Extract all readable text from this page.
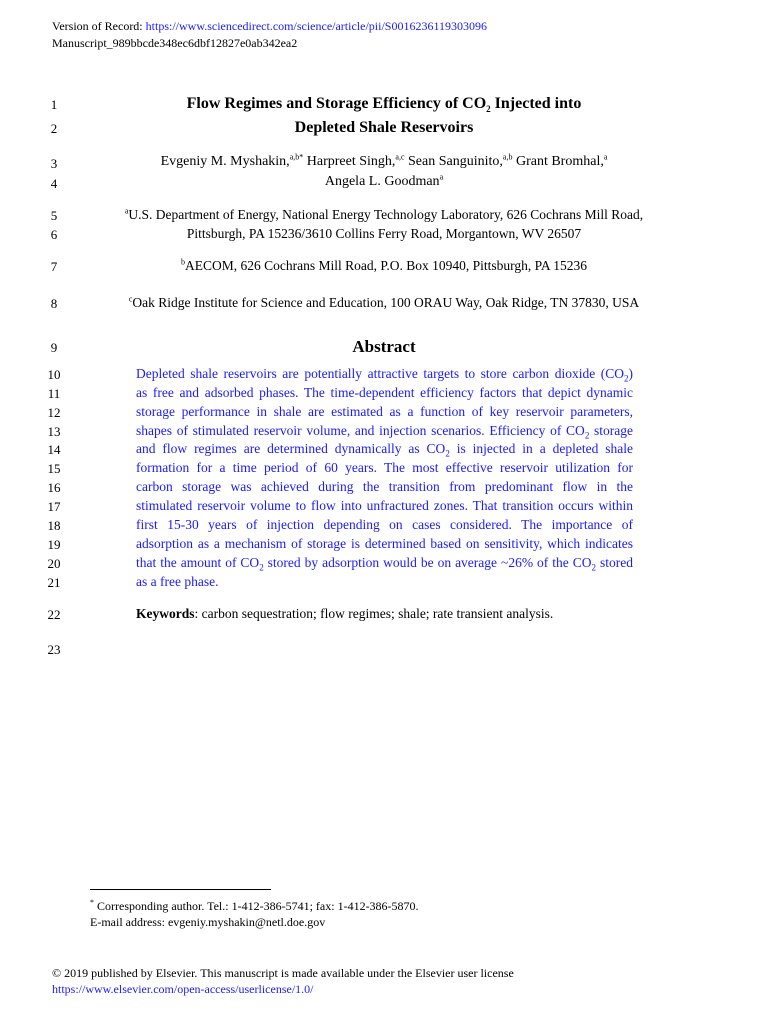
Version of Record: https://www.sciencedirect.com/science/article/pii/S0016236119303096
Manuscript_989bbcde348ec6dbf12827e0ab342ea2
1
2
3
4
5
6
7
8
9
10
11
12
13
14
15
16
17
18
19
20
21
22
23
Flow Regimes and Storage Efficiency of $CO_2$ Injected into
Depleted Shale Reservoirs
Evgeniy M. Myshakin,$^{a,b*}$ Harpreet Singh,$^{a,c}$ Sean Sanguinito,$^{a,b}$ Grant Bromhal,$^a$
Angela L. Goodman$^a$
$^a$U.S. Department of Energy, National Energy Technology Laboratory, 626 Cochrans Mill Road,
Pittsburgh, PA 15236/3610 Collins Ferry Road, Morgantown, WV 26507
$^b$AECOM, 626 Cochrans Mill Road, P.O. Box 10940, Pittsburgh, PA 15236
$^c$Oak Ridge Institute for Science and Education, 100 ORAU Way, Oak Ridge, TN 37830, USA
Abstract
Depleted shale reservoirs are potentially attractive targets to store carbon dioxide $(CO_2)$
as free and adsorbed phases. The time-dependent efficiency factors that depict dynamic
storage performance in shale are estimated as a function of key reservoir parameters,
shapes of stimulated reservoir volume, and injection scenarios. Efficiency of $CO_2$ storage
and flow regimes are determined dynamically as $CO_2$ is injected in a depleted shale
formation for a time period of 60 years. The most effective reservoir utilization for
carbon storage was achieved during the transition from predominant flow in the
stimulated reservoir volume to flow into unfractured zones. That transition occurs within
first 15-30 years of injection depending on cases considered. The importance of
adsorption as a mechanism of storage is determined based on sensitivity, which indicates
that the amount of $CO_2$ stored by adsorption would be on average ~26% of the $CO_2$ stored
as a free phase.
Keywords: carbon sequestration; flow regimes; shale; rate transient analysis.
* Corresponding author. Tel.: 1-412-386-5741; fax: 1-412-386-5870.
E-mail address: evgeniy.myshakin@netl.doe.gov
© 2019 published by Elsevier. This manuscript is made available under the Elsevier user license
https://www.elsevier.com/open-access/userlicense/1.0/
